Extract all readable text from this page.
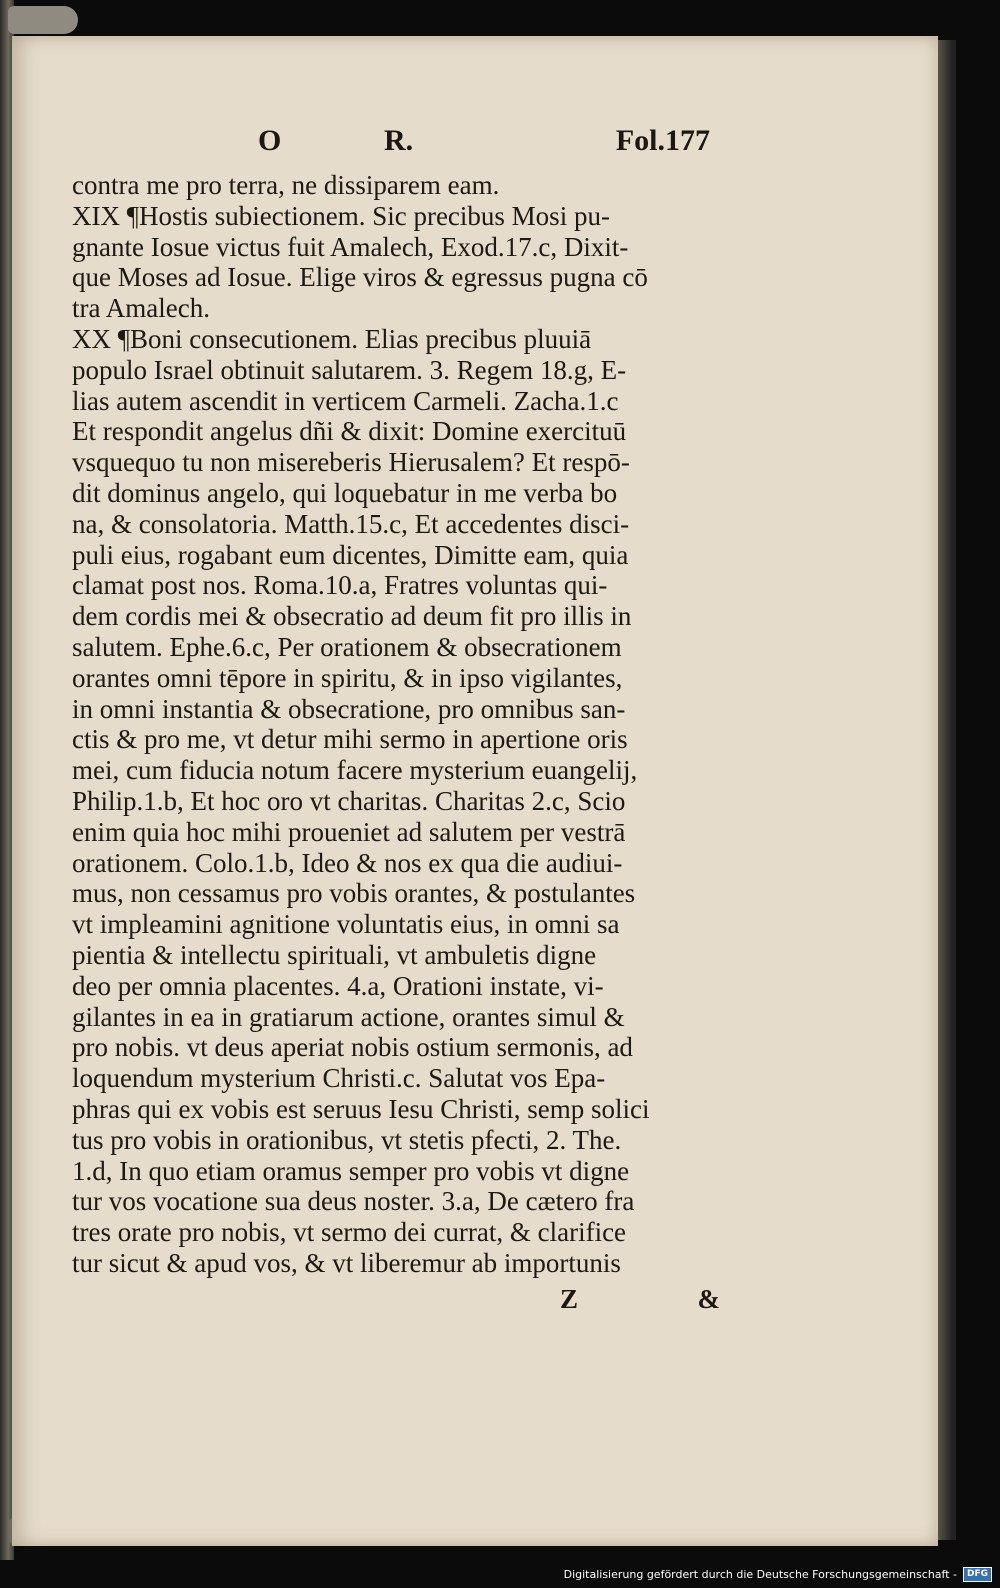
O	R.	Fol.177
contra me pro terra, ne dissiparem eam.
XIX ¶Hostis subiectionem. Sic precibus Mosi pu-
gnante Iosue victus fuit Amalech, Exod.17.c, Dixit-
que Moses ad Iosue. Elige viros & egressus pugna cō
tra Amalech.
XX ¶Boni consecutionem. Elias precibus pluuiā
populo Israel obtinuit salutarem. 3. Regem 18.g, E-
lias autem ascendit in verticem Carmeli. Zacha.1.c
Et respondit angelus dñi & dixit: Domine exercituū
vsquequo tu non misereberis Hierusalem? Et respō-
dit dominus angelo, qui loquebatur in me verba bo
na, & consolatoria. Matth.15.c, Et accedentes disci-
puli eius, rogabant eum dicentes, Dimitte eam, quia
clamat post nos. Roma.10.a, Fratres voluntas qui-
dem cordis mei & obsecratio ad deum fit pro illis in
salutem. Ephe.6.c, Per orationem & obsecrationem
orantes omni tēpore in spiritu, & in ipso vigilantes,
in omni instantia & obsecratione, pro omnibus san-
ctis & pro me, vt detur mihi sermo in apertione oris
mei, cum fiducia notum facere mysterium euangelij,
Philip.1.b, Et hoc oro vt charitas. Charitas 2.c, Scio
enim quia hoc mihi proueniet ad salutem per vestrā
orationem. Colo.1.b, Ideo & nos ex qua die audiui-
mus, non cessamus pro vobis orantes, & postulantes
vt impleamini agnitione voluntatis eius, in omni sa
pientia & intellectu spirituali, vt ambuletis digne
deo per omnia placentes. 4.a, Orationi instate, vi-
gilantes in ea in gratiarum actione, orantes simul &
pro nobis. vt deus aperiat nobis ostium sermonis, ad
loquendum mysterium Christi.c. Salutat vos Epa-
phras qui ex vobis est seruus Iesu Christi, semp solici
tus pro vobis in orationibus, vt stetis pfecti, 2. The.
1.d, In quo etiam oramus semper pro vobis vt digne
tur vos vocatione sua deus noster. 3.a, De cætero fra
tres orate pro nobis, vt sermo dei currat, & clarifice
tur sicut & apud vos, & vt liberemur ab importunis
Z	&
Digitalisierung gefördert durch die Deutsche Forschungsgemeinschaft -	DFG
